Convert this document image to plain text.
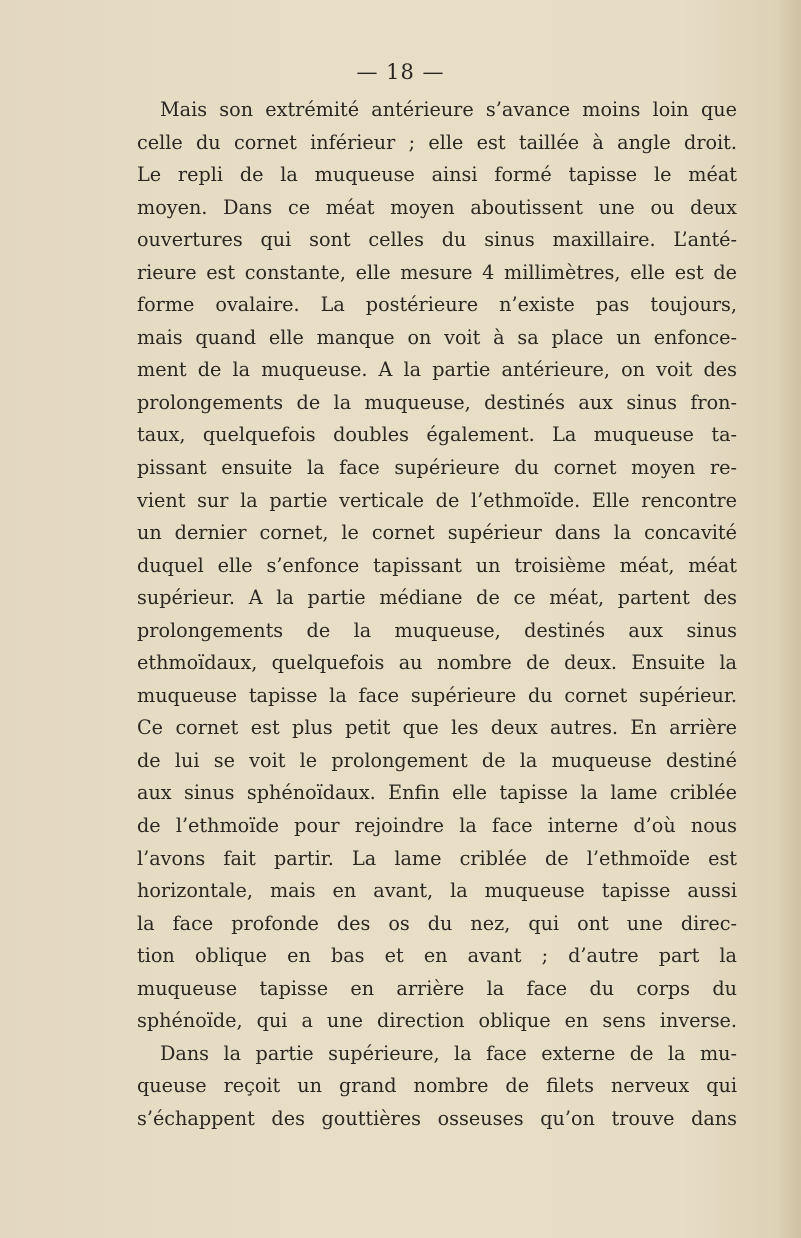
— 18 —
Mais son extrémité antérieure s’avance moins loin que
celle du cornet inférieur ; elle est taillée à angle droit.
Le repli de la muqueuse ainsi formé tapisse le méat
moyen. Dans ce méat moyen aboutissent une ou deux
ouvertures qui sont celles du sinus maxillaire. L’anté-
rieure est constante, elle mesure 4 millimètres, elle est de
forme ovalaire. La postérieure n’existe pas toujours,
mais quand elle manque on voit à sa place un enfonce-
ment de la muqueuse. A la partie antérieure, on voit des
prolongements de la muqueuse, destinés aux sinus fron-
taux, quelquefois doubles également. La muqueuse ta-
pissant ensuite la face supérieure du cornet moyen re-
vient sur la partie verticale de l’ethmoïde. Elle rencontre
un dernier cornet, le cornet supérieur dans la concavité
duquel elle s’enfonce tapissant un troisième méat, méat
supérieur. A la partie médiane de ce méat, partent des
prolongements de la muqueuse, destinés aux sinus
ethmoïdaux, quelquefois au nombre de deux. Ensuite la
muqueuse tapisse la face supérieure du cornet supérieur.
Ce cornet est plus petit que les deux autres. En arrière
de lui se voit le prolongement de la muqueuse destiné
aux sinus sphénoïdaux. Enfin elle tapisse la lame criblée
de l’ethmoïde pour rejoindre la face interne d’où nous
l’avons fait partir. La lame criblée de l’ethmoïde est
horizontale, mais en avant, la muqueuse tapisse aussi
la face profonde des os du nez, qui ont une direc-
tion oblique en bas et en avant ; d’autre part la
muqueuse tapisse en arrière la face du corps du
sphénoïde, qui a une direction oblique en sens inverse.
Dans la partie supérieure, la face externe de la mu-
queuse reçoit un grand nombre de filets nerveux qui
s’échappent des gouttières osseuses qu’on trouve dans
